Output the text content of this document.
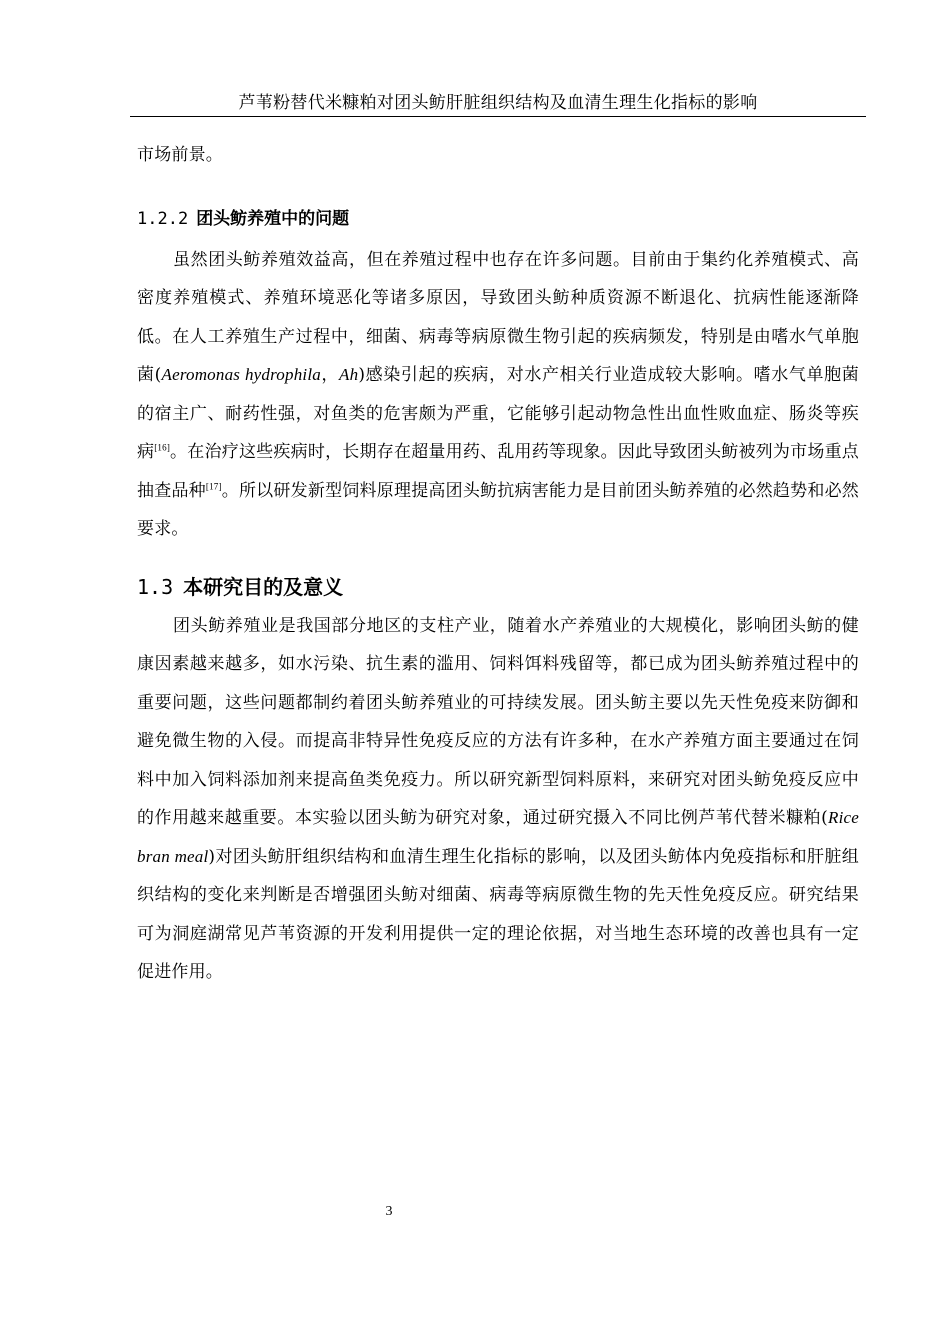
芦苇粉替代米糠粕对团头鲂肝脏组织结构及血清生理生化指标的影响

市场前景。

1.2.2 团头鲂养殖中的问题

虽然团头鲂养殖效益高，但在养殖过程中也存在许多问题。目前由于集约化养殖模式、高密度养殖模式、养殖环境恶化等诸多原因，导致团头鲂种质资源不断退化、抗病性能逐渐降低。在人工养殖生产过程中，细菌、病毒等病原微生物引起的疾病频发，特别是由嗜水气单胞菌(Aeromonas hydrophila，Ah)感染引起的疾病，对水产相关行业造成较大影响。嗜水气单胞菌的宿主广、耐药性强，对鱼类的危害颇为严重，它能够引起动物急性出血性败血症、肠炎等疾病[16]。在治疗这些疾病时，长期存在超量用药、乱用药等现象。因此导致团头鲂被列为市场重点抽查品种[17]。所以研发新型饲料原理提高团头鲂抗病害能力是目前团头鲂养殖的必然趋势和必然要求。

1.3 本研究目的及意义

团头鲂养殖业是我国部分地区的支柱产业，随着水产养殖业的大规模化，影响团头鲂的健康因素越来越多，如水污染、抗生素的滥用、饲料饵料残留等，都已成为团头鲂养殖过程中的重要问题，这些问题都制约着团头鲂养殖业的可持续发展。团头鲂主要以先天性免疫来防御和避免微生物的入侵。而提高非特异性免疫反应的方法有许多种，在水产养殖方面主要通过在饲料中加入饲料添加剂来提高鱼类免疫力。所以研究新型饲料原料，来研究对团头鲂免疫反应中的作用越来越重要。本实验以团头鲂为研究对象，通过研究摄入不同比例芦苇代替米糠粕(Rice bran meal)对团头鲂肝组织结构和血清生理生化指标的影响，以及团头鲂体内免疫指标和肝脏组织结构的变化来判断是否增强团头鲂对细菌、病毒等病原微生物的先天性免疫反应。研究结果可为洞庭湖常见芦苇资源的开发利用提供一定的理论依据，对当地生态环境的改善也具有一定促进作用。

3
